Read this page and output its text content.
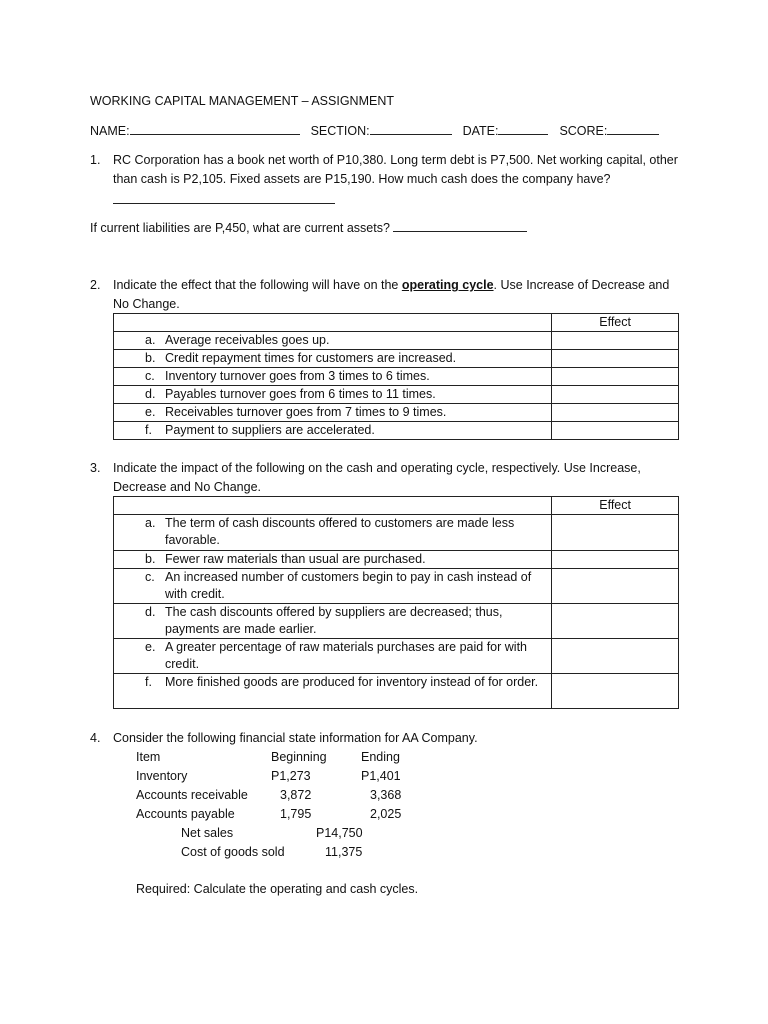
WORKING CAPITAL MANAGEMENT – ASSIGNMENT
NAME:	SECTION:	DATE:	SCORE:
1. RC Corporation has a book net worth of P10,380. Long term debt is P7,500. Net working capital, other than cash is P2,105. Fixed assets are P15,190. How much cash does the company have?
If current liabilities are P,450, what are current assets?
2. Indicate the effect that the following will have on the operating cycle. Use Increase of Decrease and No Change.
	Effect

a. Average receivables goes up.	

b. Credit repayment times for customers are increased.	

c. Inventory turnover goes from 3 times to 6 times.	

d. Payables turnover goes from 6 times to 11 times.	

e. Receivables turnover goes from 7 times to 9 times.	

f. Payment to suppliers are accelerated.	

3. Indicate the impact of the following on the cash and operating cycle, respectively. Use Increase, Decrease and No Change.
	Effect

a. The term of cash discounts offered to customers are made less favorable.	

b. Fewer raw materials than usual are purchased.	

c. An increased number of customers begin to pay in cash instead of with credit.	

d. The cash discounts offered by suppliers are decreased; thus, payments are made earlier.	

e. A greater percentage of raw materials purchases are paid for with credit.	

f. More finished goods are produced for inventory instead of for order.	

4. Consider the following financial state information for AA Company.
Item	Beginning	Ending
Inventory	P1,273	P1,401
Accounts receivable	3,872	3,368
Accounts payable	1,795	2,025
Net sales	P14,750
Cost of goods sold	11,375
Required: Calculate the operating and cash cycles.
